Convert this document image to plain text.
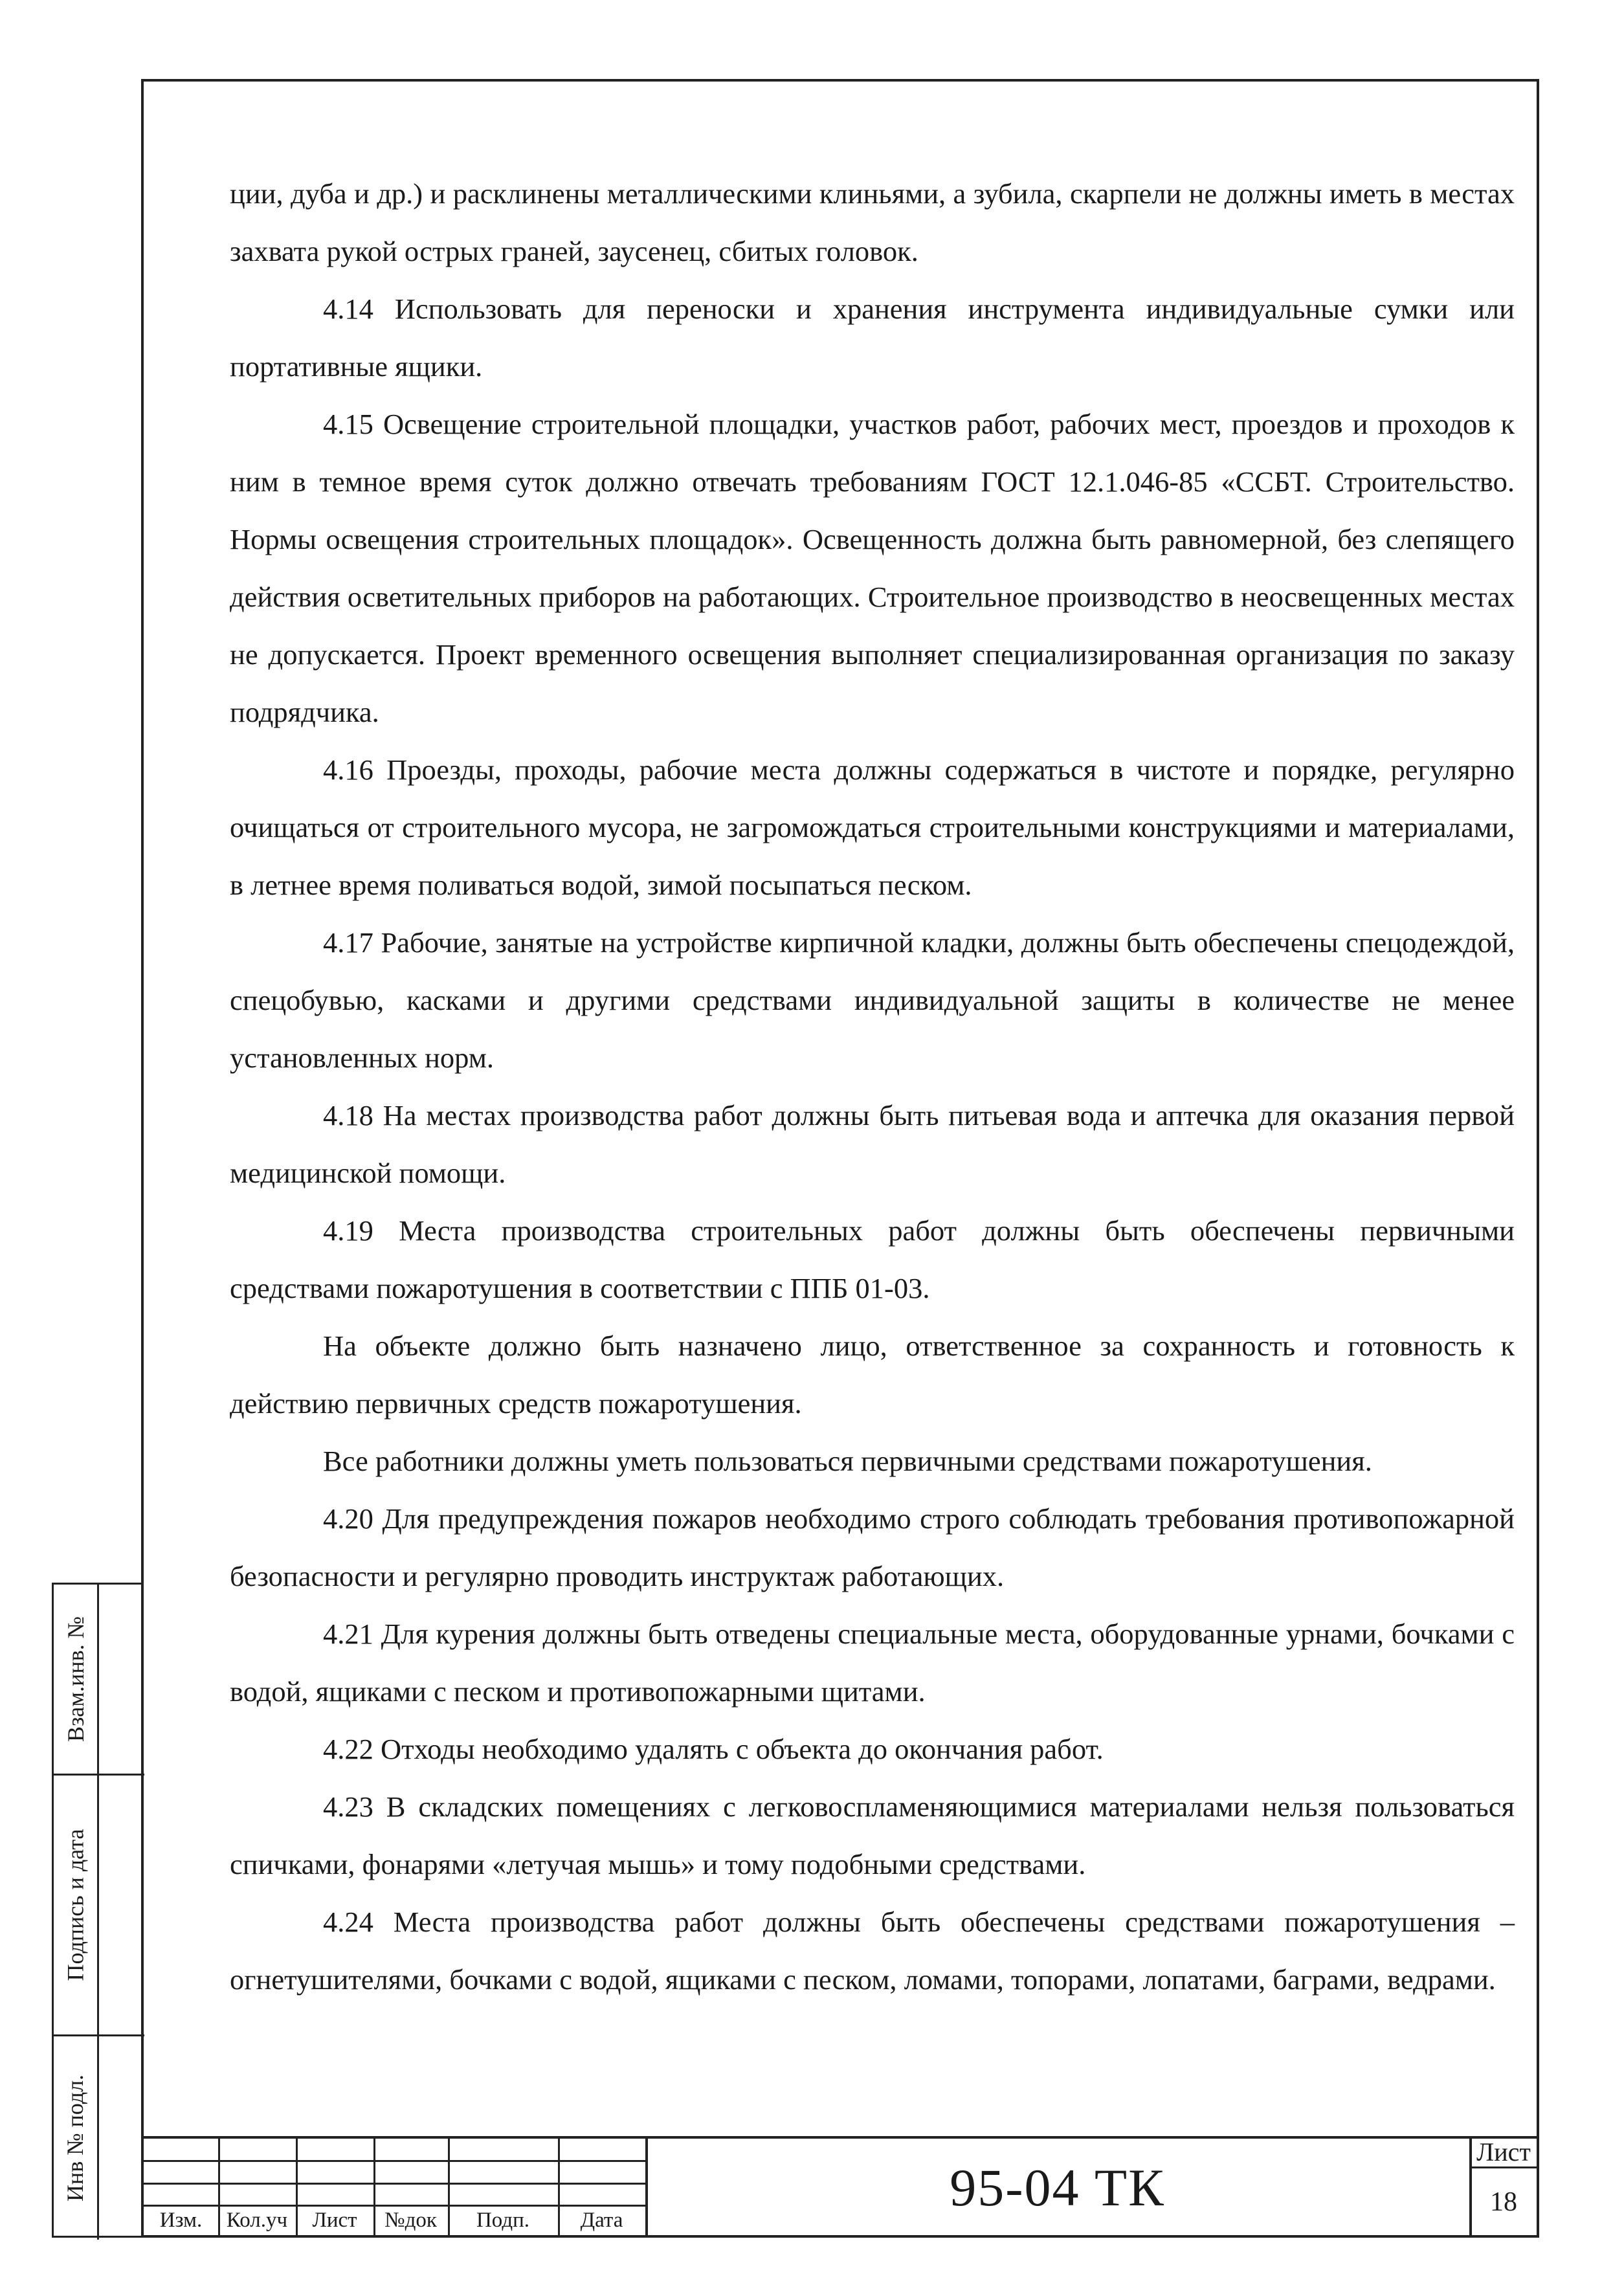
ции, дуба и др.) и расклинены металлическими клиньями, а зубила, скарпели не должны иметь в местах захвата рукой острых граней, заусенец, сбитых головок.

4.14 Использовать для переноски и хранения инструмента индивидуальные сумки или портативные ящики.

4.15 Освещение строительной площадки, участков работ, рабочих мест, проездов и проходов к ним в темное время суток должно отвечать требованиям ГОСТ 12.1.046-85 «ССБТ. Строительство. Нормы освещения строительных площадок». Освещенность должна быть равномерной, без слепящего действия осветительных приборов на работающих. Строительное производство в неосвещенных местах не допускается. Проект временного освещения выполняет специализированная организация по заказу подрядчика.

4.16 Проезды, проходы, рабочие места должны содержаться в чистоте и порядке, регулярно очищаться от строительного мусора, не загромождаться строительными конструкциями и материалами, в летнее время поливаться водой, зимой посыпаться песком.

4.17 Рабочие, занятые на устройстве кирпичной кладки, должны быть обеспечены спецодеждой, спецобувью, касками и другими средствами индивидуальной защиты в количестве не менее установленных норм.

4.18 На местах производства работ должны быть питьевая вода и аптечка для оказания первой медицинской помощи.

4.19 Места производства строительных работ должны быть обеспечены первичными средствами пожаротушения в соответствии с ППБ 01-03.

На объекте должно быть назначено лицо, ответственное за сохранность и готовность к действию первичных средств пожаротушения.

Все работники должны уметь пользоваться первичными средствами пожаротушения.

4.20 Для предупреждения пожаров необходимо строго соблюдать требования противопожарной безопасности и регулярно проводить инструктаж работающих.

4.21 Для курения должны быть отведены специальные места, оборудованные урнами, бочками с водой, ящиками с песком и противопожарными щитами.

4.22 Отходы необходимо удалять с объекта до окончания работ.

4.23 В складских помещениях с легковоспламеняющимися материалами нельзя пользоваться спичками, фонарями «летучая мышь» и тому подобными средствами.

4.24 Места производства работ должны быть обеспечены средствами пожаротушения – огнетушителями, бочками с водой, ящиками с песком, ломами, топорами, лопатами, баграми, ведрами.

Взам.инв. №
Подпись и дата
Инв № подл.
Изм.	Кол.уч	Лист	№док	Подп.	Дата
95-04 ТК
Лист
18
